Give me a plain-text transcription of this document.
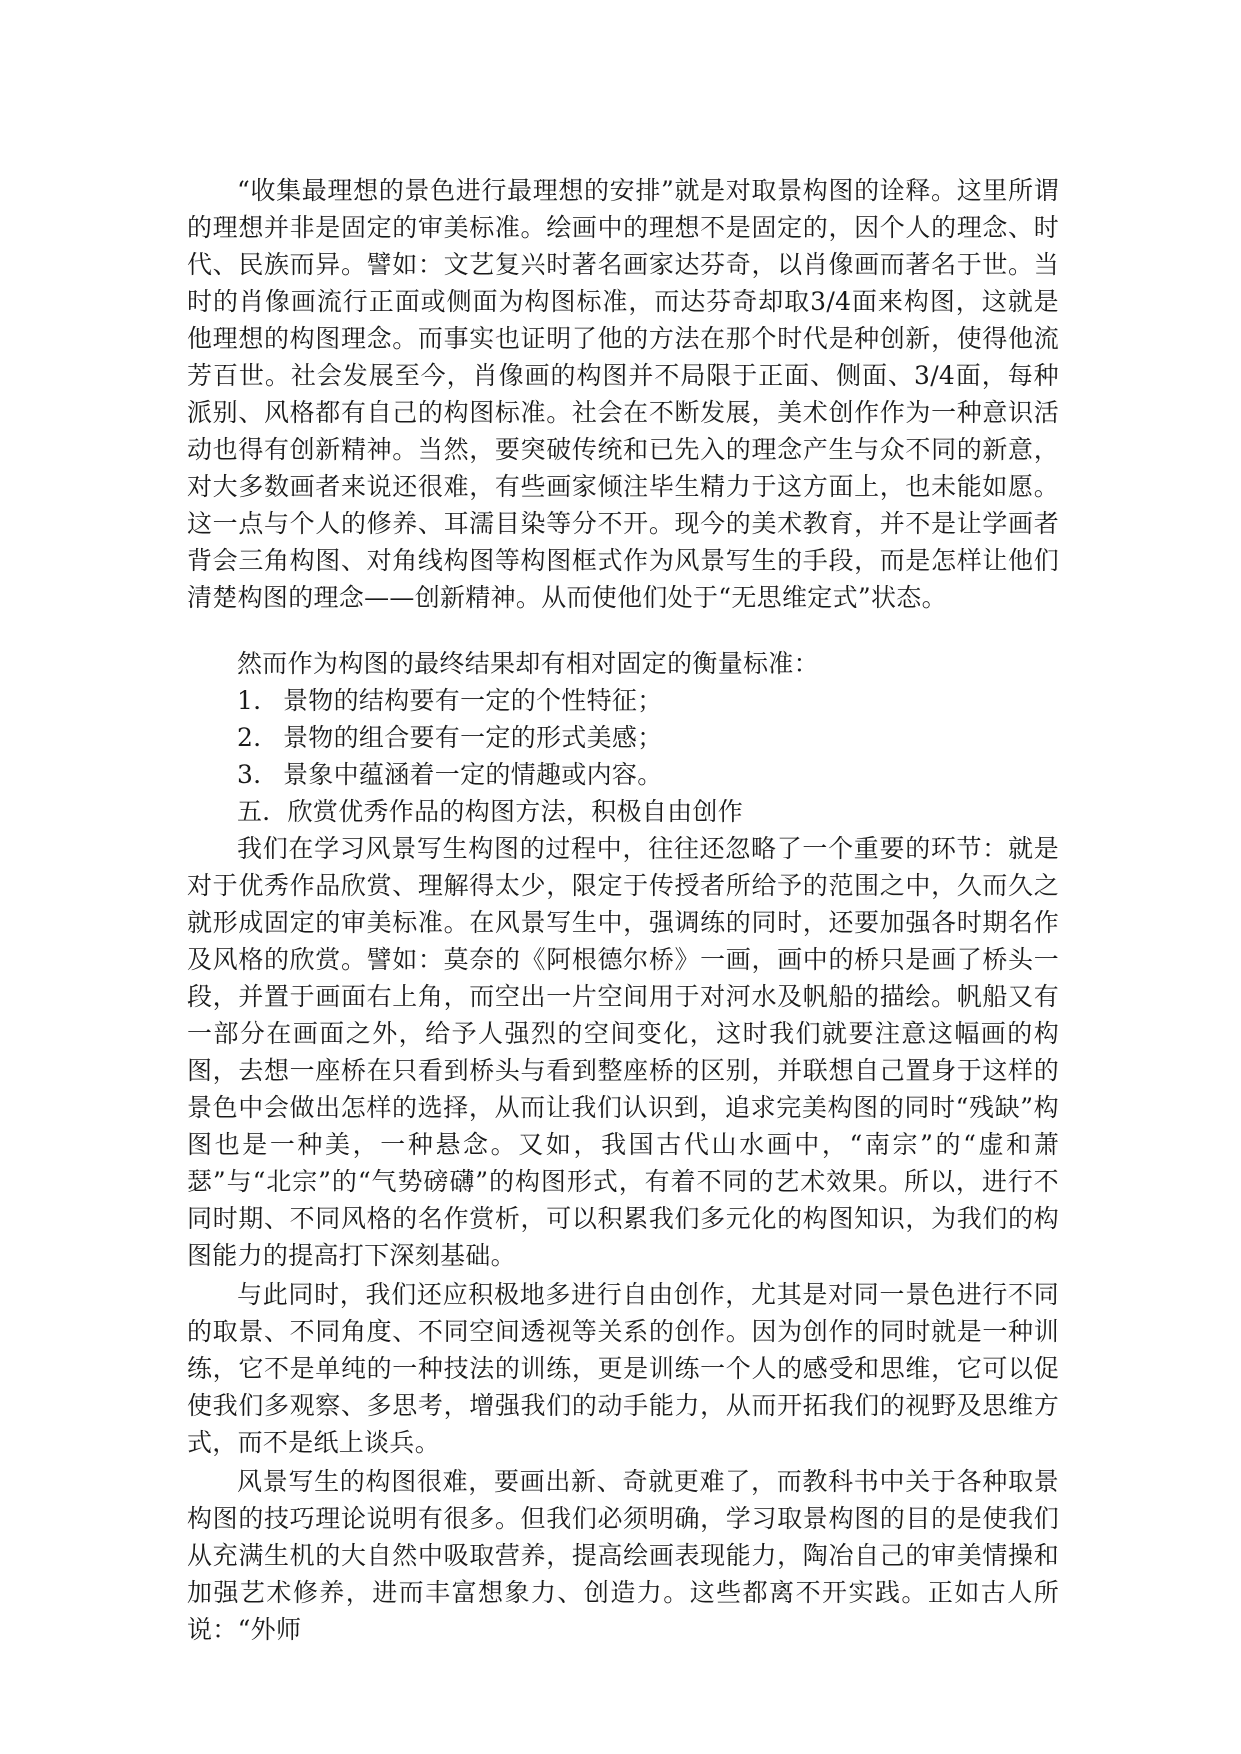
“收集最理想的景色进行最理想的安排”就是对取景构图的诠释。这里所谓的理想并非是固定的审美标准。绘画中的理想不是固定的，因个人的理念、时代、民族而异。譬如：文艺复兴时著名画家达芬奇，以肖像画而著名于世。当时的肖像画流行正面或侧面为构图标准，而达芬奇却取3/4面来构图，这就是他理想的构图理念。而事实也证明了他的方法在那个时代是种创新，使得他流芳百世。社会发展至今，肖像画的构图并不局限于正面、侧面、3/4面，每种派别、风格都有自己的构图标准。社会在不断发展，美术创作作为一种意识活动也得有创新精神。当然，要突破传统和已先入的理念产生与众不同的新意，对大多数画者来说还很难，有些画家倾注毕生精力于这方面上，也未能如愿。这一点与个人的修养、耳濡目染等分不开。现今的美术教育，并不是让学画者背会三角构图、对角线构图等构图框式作为风景写生的手段，而是怎样让他们清楚构图的理念——创新精神。从而使他们处于“无思维定式”状态。

然而作为构图的最终结果却有相对固定的衡量标准：

1． 景物的结构要有一定的个性特征；

2． 景物的组合要有一定的形式美感；

3． 景象中蕴涵着一定的情趣或内容。

五．欣赏优秀作品的构图方法，积极自由创作

我们在学习风景写生构图的过程中，往往还忽略了一个重要的环节：就是对于优秀作品欣赏、理解得太少，限定于传授者所给予的范围之中，久而久之就形成固定的审美标准。在风景写生中，强调练的同时，还要加强各时期名作及风格的欣赏。譬如：莫奈的《阿根德尔桥》一画，画中的桥只是画了桥头一段，并置于画面右上角，而空出一片空间用于对河水及帆船的描绘。帆船又有一部分在画面之外，给予人强烈的空间变化，这时我们就要注意这幅画的构图，去想一座桥在只看到桥头与看到整座桥的区别，并联想自己置身于这样的景色中会做出怎样的选择，从而让我们认识到，追求完美构图的同时“残缺”构图也是一种美，一种悬念。又如，我国古代山水画中，“南宗”的“虚和萧瑟”与“北宗”的“气势磅礴”的构图形式，有着不同的艺术效果。所以，进行不同时期、不同风格的名作赏析，可以积累我们多元化的构图知识，为我们的构图能力的提高打下深刻基础。

与此同时，我们还应积极地多进行自由创作，尤其是对同一景色进行不同的取景、不同角度、不同空间透视等关系的创作。因为创作的同时就是一种训练，它不是单纯的一种技法的训练，更是训练一个人的感受和思维，它可以促使我们多观察、多思考，增强我们的动手能力，从而开拓我们的视野及思维方式，而不是纸上谈兵。

风景写生的构图很难，要画出新、奇就更难了，而教科书中关于各种取景构图的技巧理论说明有很多。但我们必须明确，学习取景构图的目的是使我们从充满生机的大自然中吸取营养，提高绘画表现能力，陶冶自己的审美情操和加强艺术修养，进而丰富想象力、创造力。这些都离不开实践。正如古人所说：“外师
